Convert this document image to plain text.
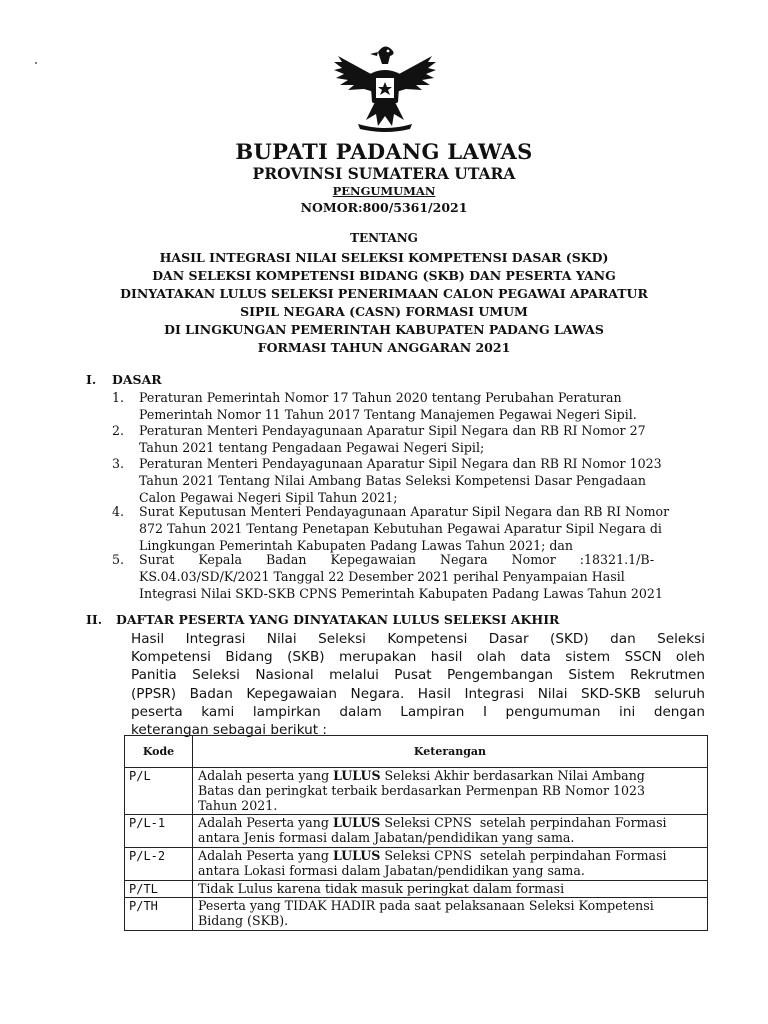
BUPATI PADANG LAWAS
PROVINSI SUMATERA UTARA
PENGUMUMAN
NOMOR:800/5361/2021
TENTANG
HASIL INTEGRASI NILAI SELEKSI KOMPETENSI DASAR (SKD)
DAN SELEKSI KOMPETENSI BIDANG (SKB) DAN PESERTA YANG
DINYATAKAN LULUS SELEKSI PENERIMAAN CALON PEGAWAI APARATUR
SIPIL NEGARA (CASN) FORMASI UMUM
DI LINGKUNGAN PEMERINTAH KABUPATEN PADANG LAWAS
FORMASI TAHUN ANGGARAN 2021
I. DASAR
1. Peraturan Pemerintah Nomor 17 Tahun 2020 tentang Perubahan Peraturan
Pemerintah Nomor 11 Tahun 2017 Tentang Manajemen Pegawai Negeri Sipil.
2. Peraturan Menteri Pendayagunaan Aparatur Sipil Negara dan RB RI Nomor 27
Tahun 2021 tentang Pengadaan Pegawai Negeri Sipil;
3. Peraturan Menteri Pendayagunaan Aparatur Sipil Negara dan RB RI Nomor 1023
Tahun 2021 Tentang Nilai Ambang Batas Seleksi Kompetensi Dasar Pengadaan
Calon Pegawai Negeri Sipil Tahun 2021;
4. Surat Keputusan Menteri Pendayagunaan Aparatur Sipil Negara dan RB RI Nomor
872 Tahun 2021 Tentang Penetapan Kebutuhan Pegawai Aparatur Sipil Negara di
Lingkungan Pemerintah Kabupaten Padang Lawas Tahun 2021; dan
5. Surat      Kepala      Badan      Kepegawaian      Negara      Nomor      :18321.1/B-
KS.04.03/SD/K/2021 Tanggal 22 Desember 2021 perihal Penyampaian Hasil
Integrasi Nilai SKD-SKB CPNS Pemerintah Kabupaten Padang Lawas Tahun 2021
II. DAFTAR PESERTA YANG DINYATAKAN LULUS SELEKSI AKHIR
Hasil Integrasi Nilai Seleksi Kompetensi Dasar (SKD) dan Seleksi
Kompetensi Bidang (SKB) merupakan hasil olah data sistem SSCN oleh
Panitia Seleksi Nasional melalui Pusat Pengembangan Sistem Rekrutmen
(PPSR) Badan Kepegawaian Negara. Hasil Integrasi Nilai SKD-SKB seluruh
peserta kami lampirkan dalam Lampiran I pengumuman ini dengan
keterangan sebagai berikut :
Kode	Keterangan
P/L	Adalah peserta yang LULUS Seleksi Akhir berdasarkan Nilai Ambang
Batas dan peringkat terbaik berdasarkan Permenpan RB Nomor 1023
Tahun 2021.

P/L-1	Adalah Peserta yang LULUS Seleksi CPNS  setelah perpindahan Formasi
antara Jenis formasi dalam Jabatan/pendidikan yang sama.

P/L-2	Adalah Peserta yang LULUS Seleksi CPNS  setelah perpindahan Formasi
antara Lokasi formasi dalam Jabatan/pendidikan yang sama.

P/TL	Tidak Lulus karena tidak masuk peringkat dalam formasi

P/TH	Peserta yang TIDAK HADIR pada saat pelaksanaan Seleksi Kompetensi
Bidang (SKB).
